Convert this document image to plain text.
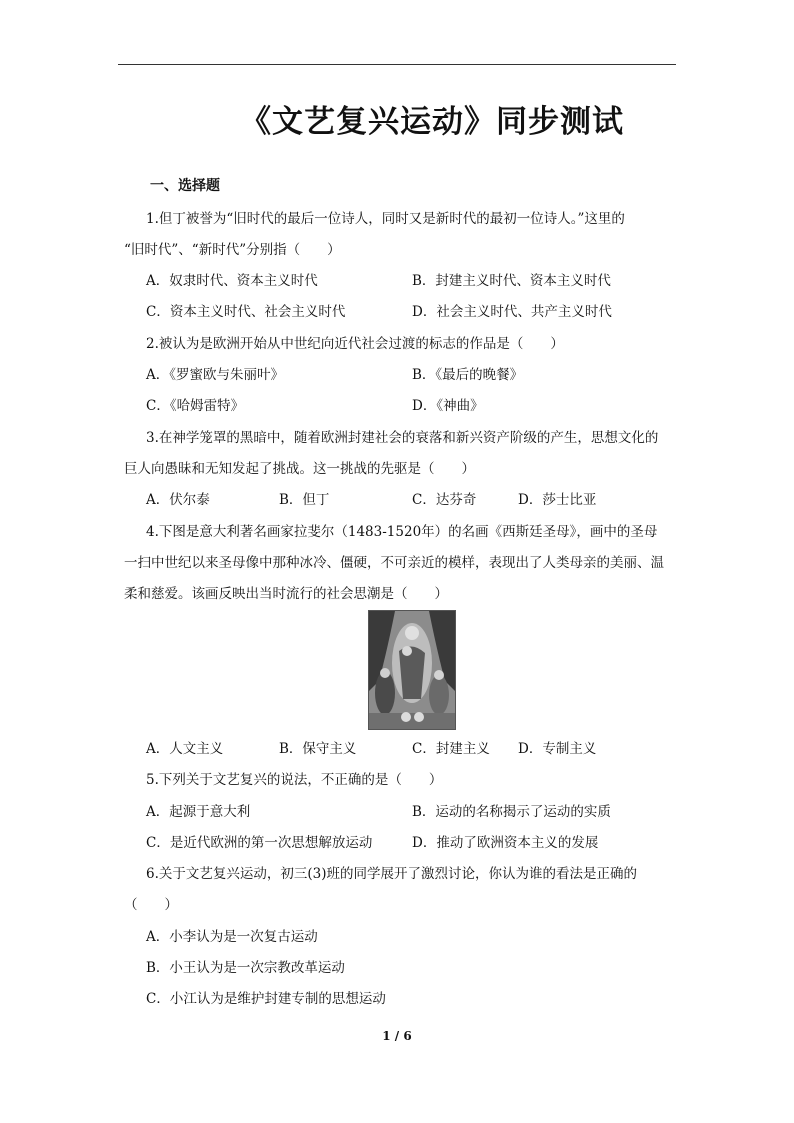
《文艺复兴运动》同步测试
一、选择题
1.但丁被誉为“旧时代的最后一位诗人，同时又是新时代的最初一位诗人。”这里的
“旧时代”、“新时代”分别指（　　）
A．奴隶时代、资本主义时代	B．封建主义时代、资本主义时代
C．资本主义时代、社会主义时代	D．社会主义时代、共产主义时代
2.被认为是欧洲开始从中世纪向近代社会过渡的标志的作品是（　　）
A．《罗蜜欧与朱丽叶》	B．《最后的晚餐》
C．《哈姆雷特》	D．《神曲》
3.在神学笼罩的黑暗中，随着欧洲封建社会的衰落和新兴资产阶级的产生，思想文化的
巨人向愚昧和无知发起了挑战。这一挑战的先驱是（　　）
A．伏尔泰	B．但丁	C．达芬奇	D．莎士比亚
4.下图是意大利著名画家拉斐尔（1483-1520年）的名画《西斯廷圣母》，画中的圣母
一扫中世纪以来圣母像中那种冰冷、僵硬，不可亲近的模样，表现出了人类母亲的美丽、温
柔和慈爱。该画反映出当时流行的社会思潮是（　　）
A．人文主义	B．保守主义	C．封建主义 D．专制主义
5.下列关于文艺复兴的说法，不正确的是（　　）
A．起源于意大利	B．运动的名称揭示了运动的实质
C．是近代欧洲的第一次思想解放运动	D．推动了欧洲资本主义的发展
6.关于文艺复兴运动，初三(3)班的同学展开了激烈讨论，你认为谁的看法是正确的
（　　）
A．小李认为是一次复古运动
B．小王认为是一次宗教改革运动
C．小江认为是维护封建专制的思想运动
1 / 6
